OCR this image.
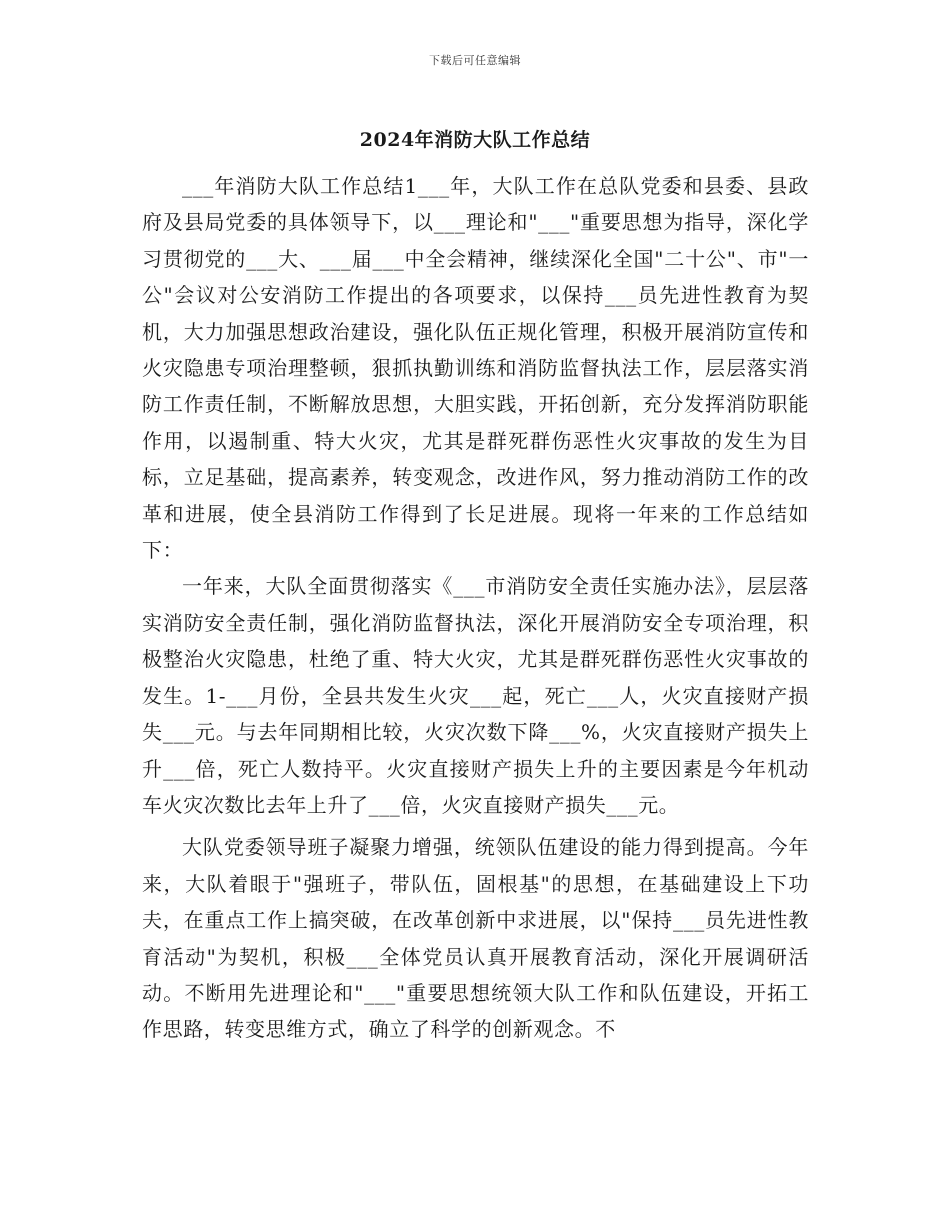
下载后可任意编辑
2024年消防大队工作总结

___年消防大队工作总结1___年，大队工作在总队党委和县委、县政府及县局党委的具体领导下，以___理论和"___"重要思想为指导，深化学习贯彻党的___大、___届___中全会精神，继续深化全国"二十公"、市"一公"会议对公安消防工作提出的各项要求，以保持___员先进性教育为契机，大力加强思想政治建设，强化队伍正规化管理，积极开展消防宣传和火灾隐患专项治理整顿，狠抓执勤训练和消防监督执法工作，层层落实消防工作责任制，不断解放思想，大胆实践，开拓创新，充分发挥消防职能作用，以遏制重、特大火灾，尤其是群死群伤恶性火灾事故的发生为目标，立足基础，提高素养，转变观念，改进作风，努力推动消防工作的改革和进展，使全县消防工作得到了长足进展。现将一年来的工作总结如下：

一年来，大队全面贯彻落实《___市消防安全责任实施办法》，层层落实消防安全责任制，强化消防监督执法，深化开展消防安全专项治理，积极整治火灾隐患，杜绝了重、特大火灾，尤其是群死群伤恶性火灾事故的发生。1-___月份，全县共发生火灾___起，死亡___人，火灾直接财产损失___元。与去年同期相比较，火灾次数下降___%，火灾直接财产损失上升___倍，死亡人数持平。火灾直接财产损失上升的主要因素是今年机动车火灾次数比去年上升了___倍，火灾直接财产损失___元。

大队党委领导班子凝聚力增强，统领队伍建设的能力得到提高。今年来，大队着眼于"强班子，带队伍，固根基"的思想，在基础建设上下功夫，在重点工作上搞突破，在改革创新中求进展，以"保持___员先进性教育活动"为契机，积极___全体党员认真开展教育活动，深化开展调研活动。不断用先进理论和"___"重要思想统领大队工作和队伍建设，开拓工作思路，转变思维方式，确立了科学的创新观念。不
